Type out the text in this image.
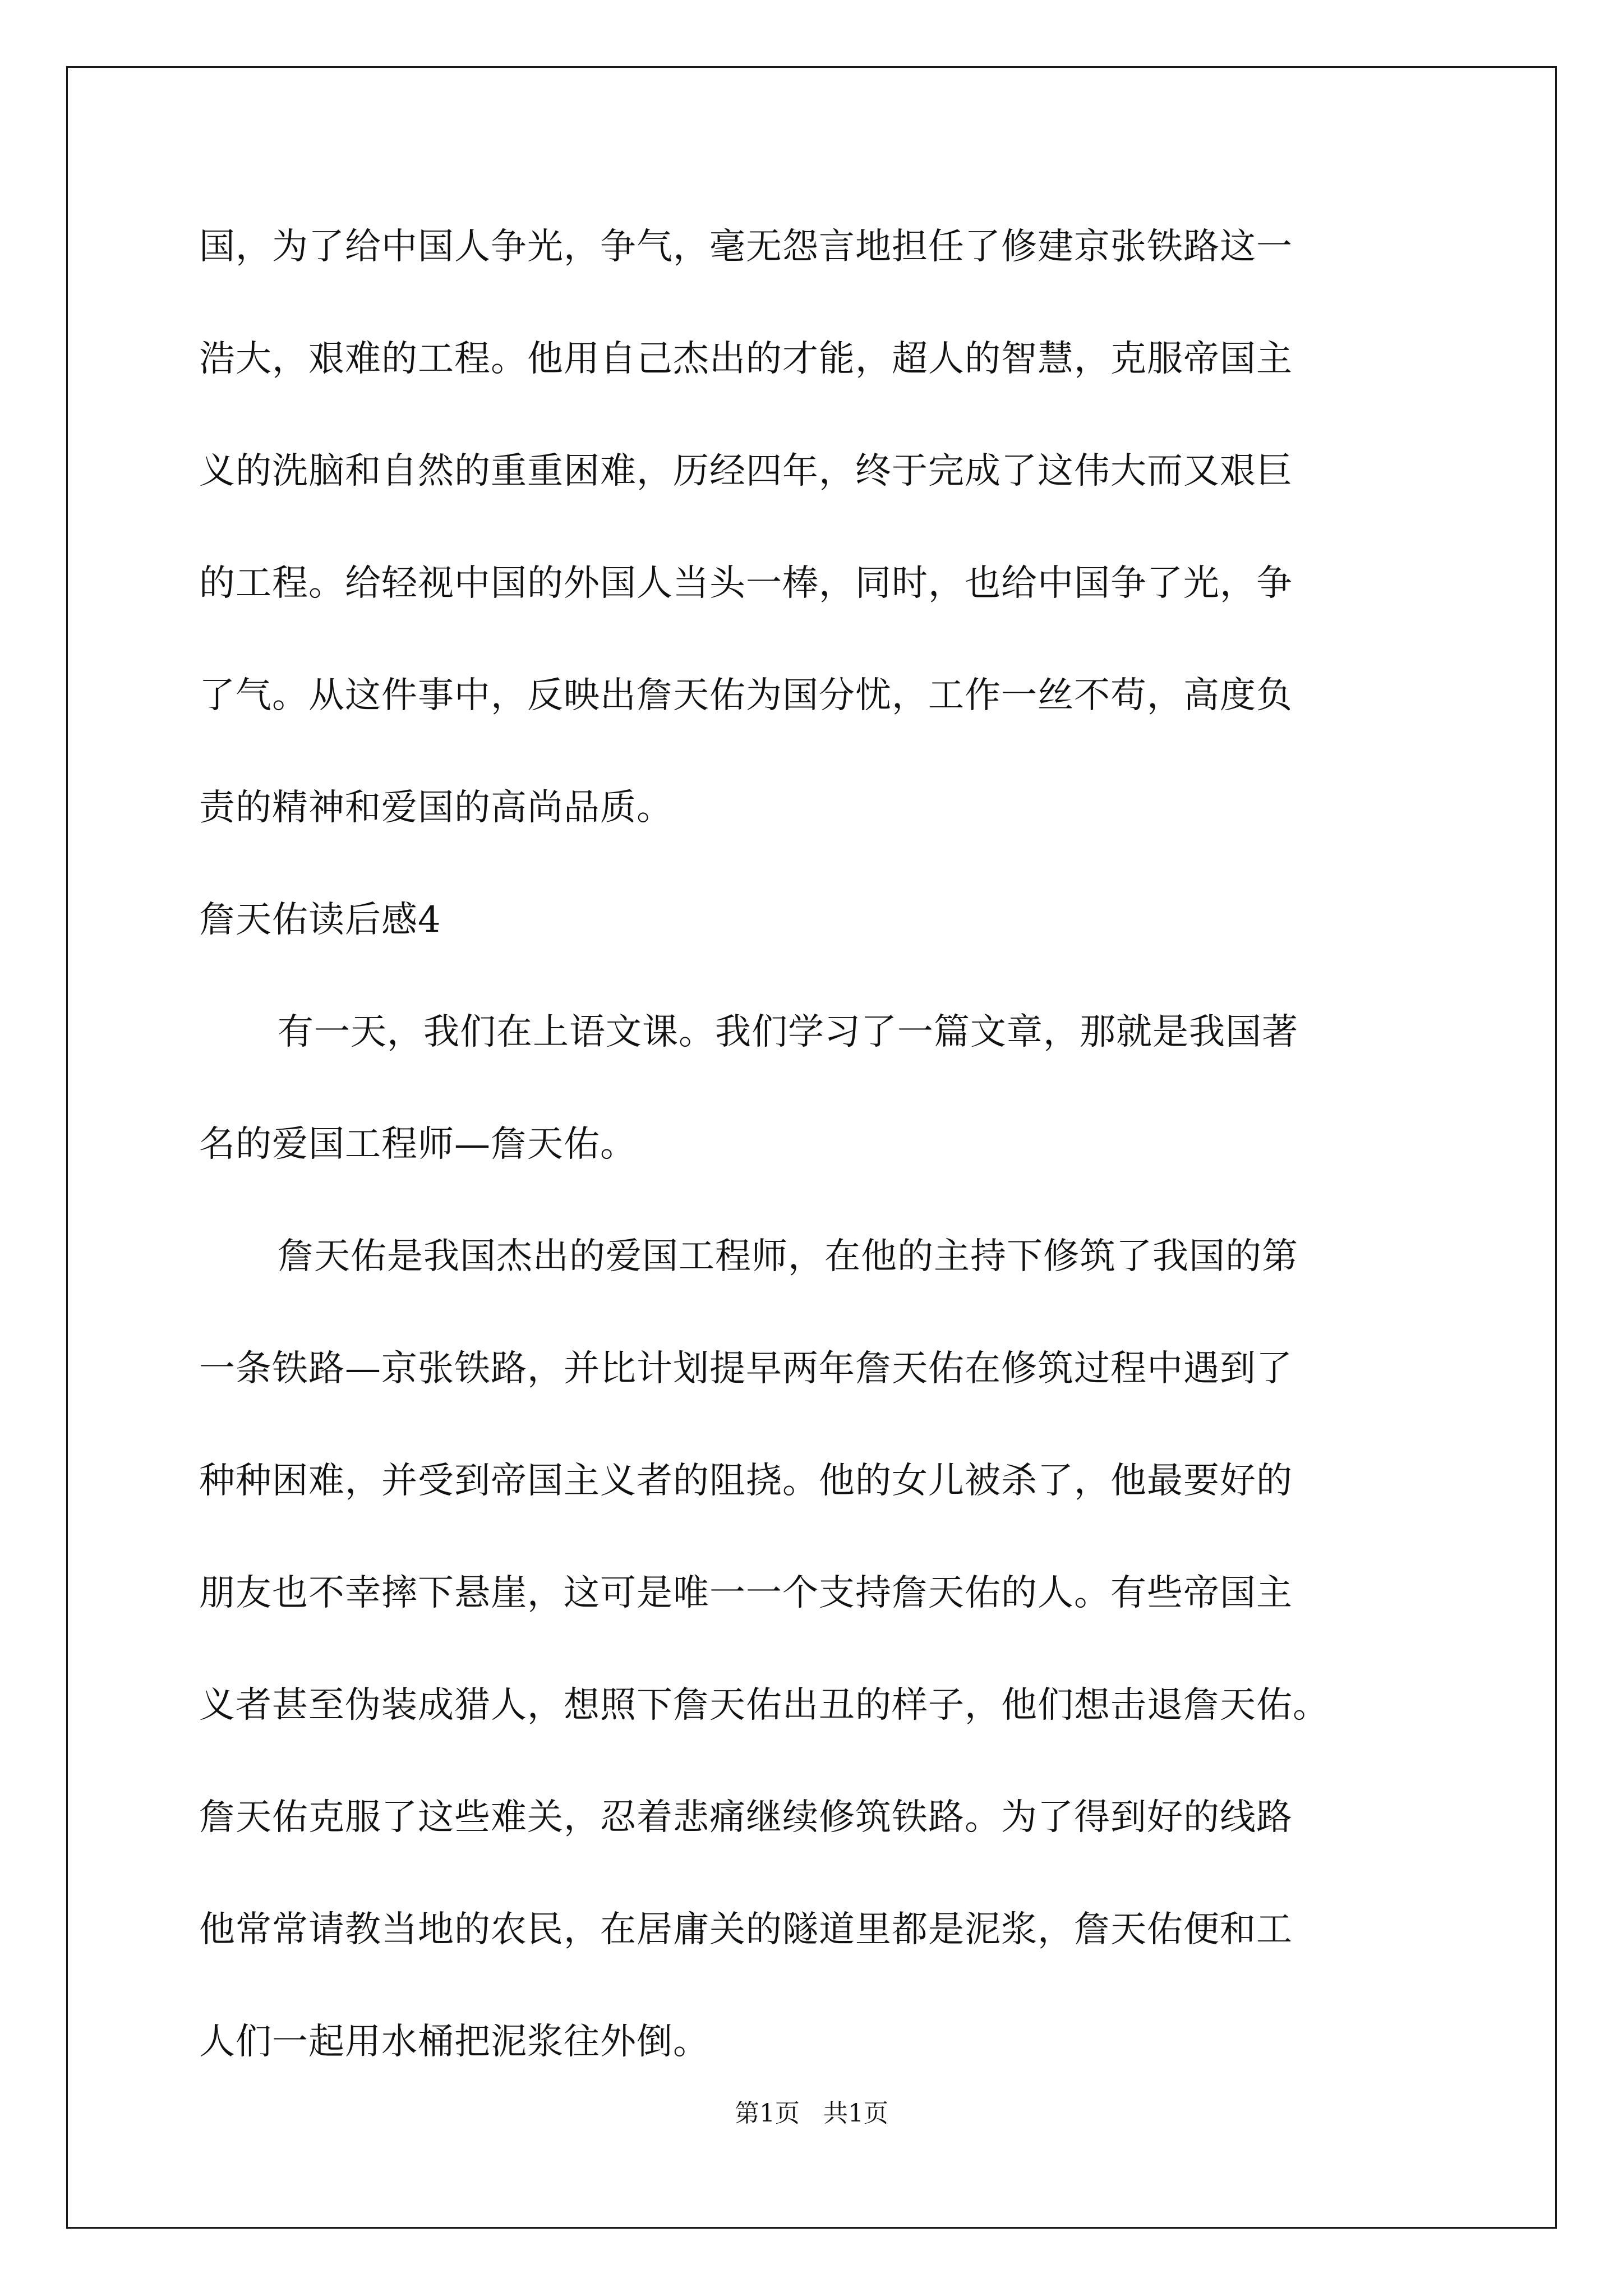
国，为了给中国人争光，争气，毫无怨言地担任了修建京张铁路这一
浩大，艰难的工程。他用自己杰出的才能，超人的智慧，克服帝国主
义的洗脑和自然的重重困难，历经四年，终于完成了这伟大而又艰巨
的工程。给轻视中国的外国人当头一棒，同时，也给中国争了光，争
了气。从这件事中，反映出詹天佑为国分忧，工作一丝不苟，高度负
责的精神和爱国的高尚品质。
詹天佑读后感4
有一天，我们在上语文课。我们学习了一篇文章，那就是我国著
名的爱国工程师—詹天佑。
詹天佑是我国杰出的爱国工程师，在他的主持下修筑了我国的第
一条铁路—京张铁路，并比计划提早两年詹天佑在修筑过程中遇到了
种种困难，并受到帝国主义者的阻挠。他的女儿被杀了，他最要好的
朋友也不幸摔下悬崖，这可是唯一一个支持詹天佑的人。有些帝国主
义者甚至伪装成猎人，想照下詹天佑出丑的样子，他们想击退詹天佑。
詹天佑克服了这些难关，忍着悲痛继续修筑铁路。为了得到好的线路
他常常请教当地的农民，在居庸关的隧道里都是泥浆，詹天佑便和工
人们一起用水桶把泥浆往外倒。
第1页   共1页
